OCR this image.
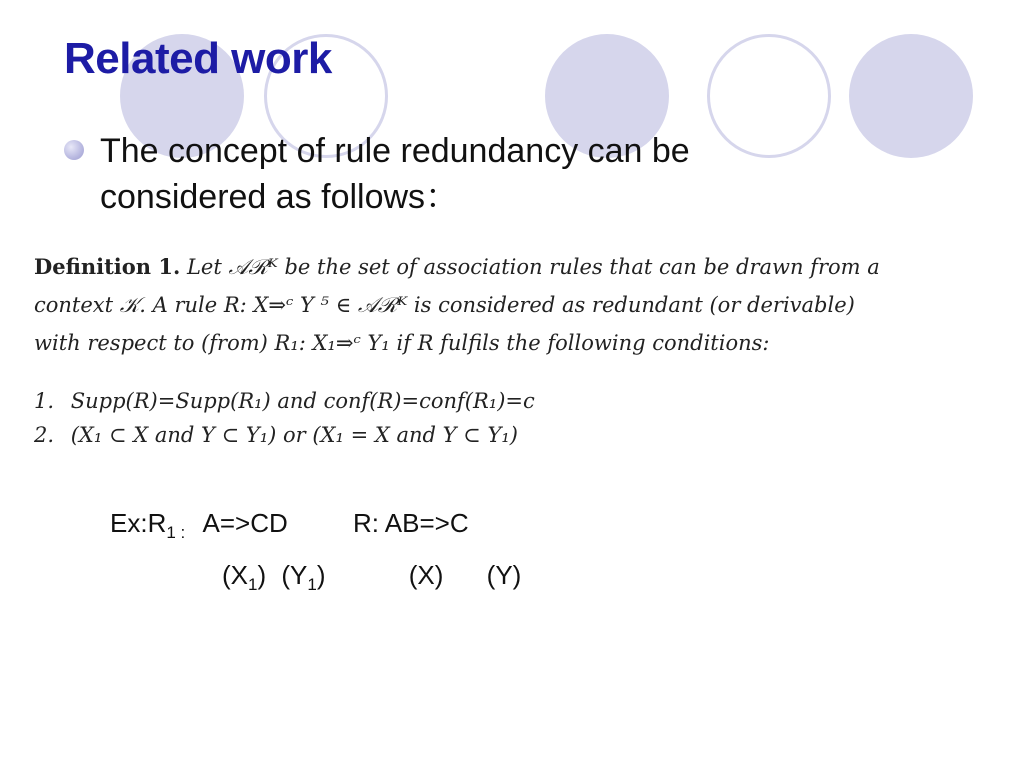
Related work
The concept of rule redundancy can be considered as follows：
Definition 1. Let 𝒜ℛᴷ be the set of association rules that can be drawn from a
context 𝒦. A rule R: X⇒ᶜ Y ⁵ ∈ 𝒜ℛᴷ is considered as redundant (or derivable)
with respect to (from) R₁: X₁⇒ᶜ Y₁ if R fulfils the following conditions:
1. Supp(R)=Supp(R₁) and conf(R)=conf(R₁)=c
2. (X₁ ⊂ X and Y ⊂ Y₁) or (X₁ = X and Y ⊂ Y₁)
$Ex:R_{1 :}$ A=>CD	R: AB=>C
$(X_1)$ $(Y_1)$	(X) (Y)
